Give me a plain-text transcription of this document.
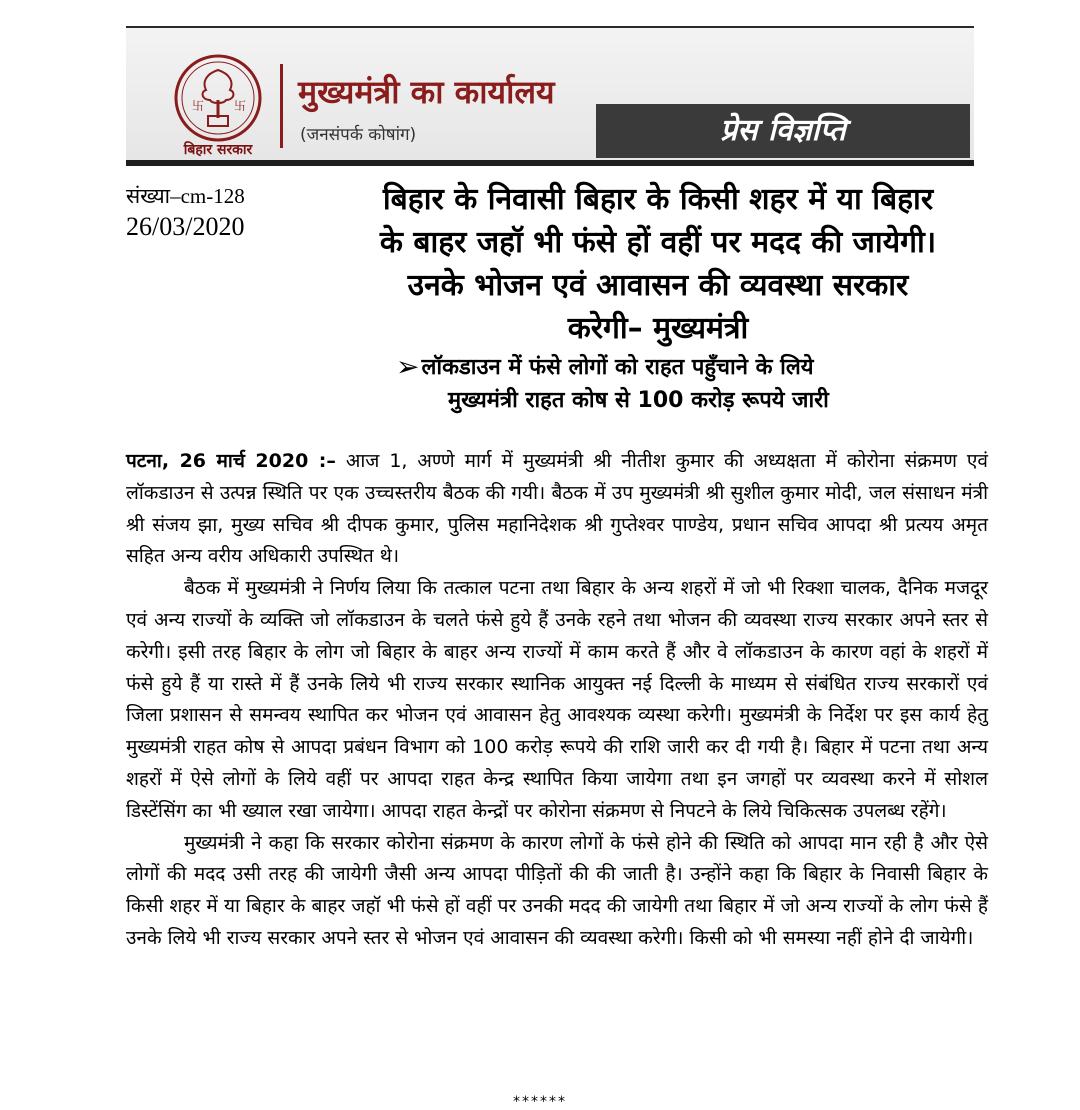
卐 卐
बिहार सरकार
मुख्यमंत्री का कार्यालय
(जनसंपर्क कोषांग)	प्रेस विज्ञप्ति
संख्या–cm-128
26/03/2020
बिहार के निवासी बिहार के किसी शहर में या बिहार
के बाहर जहॉ भी फंसे हों वहीं पर मदद की जायेगी।
उनके भोजन एवं आवासन की व्यवस्था सरकार
करेगी– मुख्यमंत्री
➢लॉकडाउन में फंसे लोगों को राहत पहुँचाने के लिये
मुख्यमंत्री राहत कोष से 100 करोड़ रूपये जारी

पटना, 26 मार्च 2020 :– आज 1, अण्णे मार्ग में मुख्यमंत्री श्री नीतीश कुमार की अध्यक्षता में कोरोना संक्रमण एवं लॉकडाउन से उत्पन्न स्थिति पर एक उच्चस्तरीय बैठक की गयी। बैठक में उप मुख्यमंत्री श्री सुशील कुमार मोदी, जल संसाधन मंत्री श्री संजय झा, मुख्य सचिव श्री दीपक कुमार, पुलिस महानिदेशक श्री गुप्तेश्वर पाण्डेय, प्रधान सचिव आपदा श्री प्रत्यय अमृत सहित अन्य वरीय अधिकारी उपस्थित थे।

बैठक में मुख्यमंत्री ने निर्णय लिया कि तत्काल पटना तथा बिहार के अन्य शहरों में जो भी रिक्शा चालक, दैनिक मजदूर एवं अन्य राज्यों के व्यक्ति जो लॉकडाउन के चलते फंसे हुये हैं उनके रहने तथा भोजन की व्यवस्था राज्य सरकार अपने स्तर से करेगी। इसी तरह बिहार के लोग जो बिहार के बाहर अन्य राज्यों में काम करते हैं और वे लॉकडाउन के कारण वहां के शहरों में फंसे हुये हैं या रास्ते में हैं उनके लिये भी राज्य सरकार स्थानिक आयुक्त नई दिल्ली के माध्यम से संबंधित राज्य सरकारों एवं जिला प्रशासन से समन्वय स्थापित कर भोजन एवं आवासन हेतु आवश्यक व्यस्था करेगी। मुख्यमंत्री के निर्देश पर इस कार्य हेतु मुख्यमंत्री राहत कोष से आपदा प्रबंधन विभाग को 100 करोड़ रूपये की राशि जारी कर दी गयी है। बिहार में पटना तथा अन्य शहरों में ऐसे लोगों के लिये वहीं पर आपदा राहत केन्द्र स्थापित किया जायेगा तथा इन जगहों पर व्यवस्था करने में सोशल डिस्टेंसिंग का भी ख्याल रखा जायेगा। आपदा राहत केन्द्रों पर कोरोना संक्रमण से निपटने के लिये चिकित्सक उपलब्ध रहेंगे।

मुख्यमंत्री ने कहा कि सरकार कोरोना संक्रमण के कारण लोगों के फंसे होने की स्थिति को आपदा मान रही है और ऐसे लोगों की मदद उसी तरह की जायेगी जैसी अन्य आपदा पीड़ितों की की जाती है। उन्होंने कहा कि बिहार के निवासी बिहार के किसी शहर में या बिहार के बाहर जहॉ भी फंसे हों वहीं पर उनकी मदद की जायेगी तथा बिहार में जो अन्य राज्यों के लोग फंसे हैं उनके लिये भी राज्य सरकार अपने स्तर से भोजन एवं आवासन की व्यवस्था करेगी। किसी को भी समस्या नहीं होने दी जायेगी।

******
